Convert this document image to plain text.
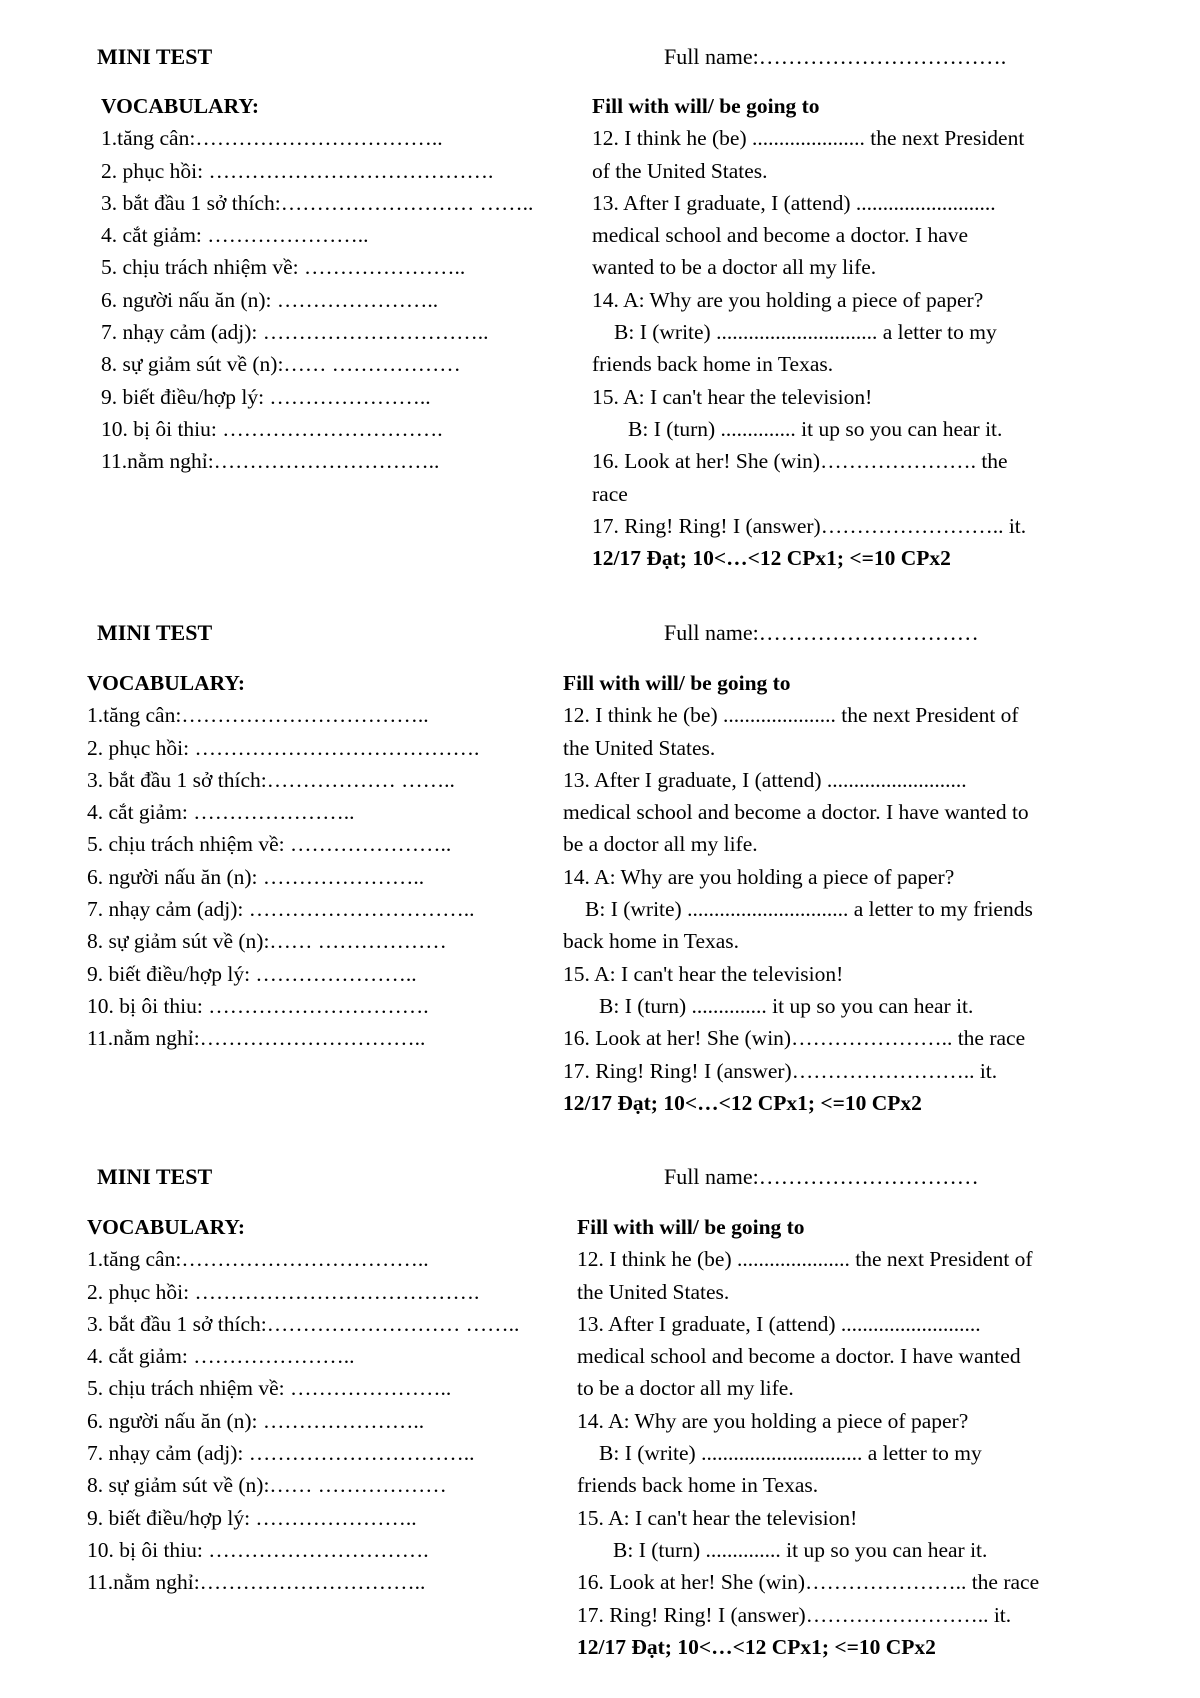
MINI TEST	Full name:…………………………….
VOCABULARY:
1.tăng cân:……………………………..
2. phục hồi: ………………………………….
3. bắt đầu 1 sở thích:……………………… ……..
4. cắt giảm: …………………..
5. chịu trách nhiệm về: …………………..
6. người nấu ăn (n): …………………..
7. nhạy cảm (adj): …………………………..
8. sự giảm sút về (n):…… ………………
9. biết điều/hợp lý: …………………..
10. bị ôi thiu: ………………………….
11.nằm nghỉ:…………………………..
Fill with will/ be going to
12. I think he (be) ..................... the next President
of the United States.
13. After I graduate, I (attend) ..........................
medical school and become a doctor. I have
wanted to be a doctor all my life.
14. A: Why are you holding a piece of paper?
B: I (write) .............................. a letter to my
friends back home in Texas.
15. A: I can't hear the television!
B: I (turn) .............. it up so you can hear it.
16. Look at her! She (win)…………………. the
race
17. Ring! Ring! I (answer)…………………….. it.
12/17 Đạt; 10<…<12 CPx1; <=10 CPx2
MINI TEST	Full name:…………………………
VOCABULARY:
1.tăng cân:……………………………..
2. phục hồi: ………………………………….
3. bắt đầu 1 sở thích:……………… ……..
4. cắt giảm: …………………..
5. chịu trách nhiệm về: …………………..
6. người nấu ăn (n): …………………..
7. nhạy cảm (adj): …………………………..
8. sự giảm sút về (n):…… ………………
9. biết điều/hợp lý: …………………..
10. bị ôi thiu: ………………………….
11.nằm nghỉ:…………………………..
Fill with will/ be going to
12. I think he (be) ..................... the next President of
the United States.
13. After I graduate, I (attend) ..........................
medical school and become a doctor. I have wanted to
be a doctor all my life.
14. A: Why are you holding a piece of paper?
B: I (write) .............................. a letter to my friends
back home in Texas.
15. A: I can't hear the television!
B: I (turn) .............. it up so you can hear it.
16. Look at her! She (win)………………….. the race
17. Ring! Ring! I (answer)…………………….. it.
12/17 Đạt; 10<…<12 CPx1; <=10 CPx2
MINI TEST	Full name:…………………………
VOCABULARY:
1.tăng cân:……………………………..
2. phục hồi: ………………………………….
3. bắt đầu 1 sở thích:……………………… ……..
4. cắt giảm: …………………..
5. chịu trách nhiệm về: …………………..
6. người nấu ăn (n): …………………..
7. nhạy cảm (adj): …………………………..
8. sự giảm sút về (n):…… ………………
9. biết điều/hợp lý: …………………..
10. bị ôi thiu: ………………………….
11.nằm nghỉ:…………………………..
Fill with will/ be going to
12. I think he (be) ..................... the next President of
the United States.
13. After I graduate, I (attend) ..........................
medical school and become a doctor. I have wanted
to be a doctor all my life.
14. A: Why are you holding a piece of paper?
B: I (write) .............................. a letter to my
friends back home in Texas.
15. A: I can't hear the television!
B: I (turn) .............. it up so you can hear it.
16. Look at her! She (win)………………….. the race
17. Ring! Ring! I (answer)…………………….. it.
12/17 Đạt; 10<…<12 CPx1; <=10 CPx2
